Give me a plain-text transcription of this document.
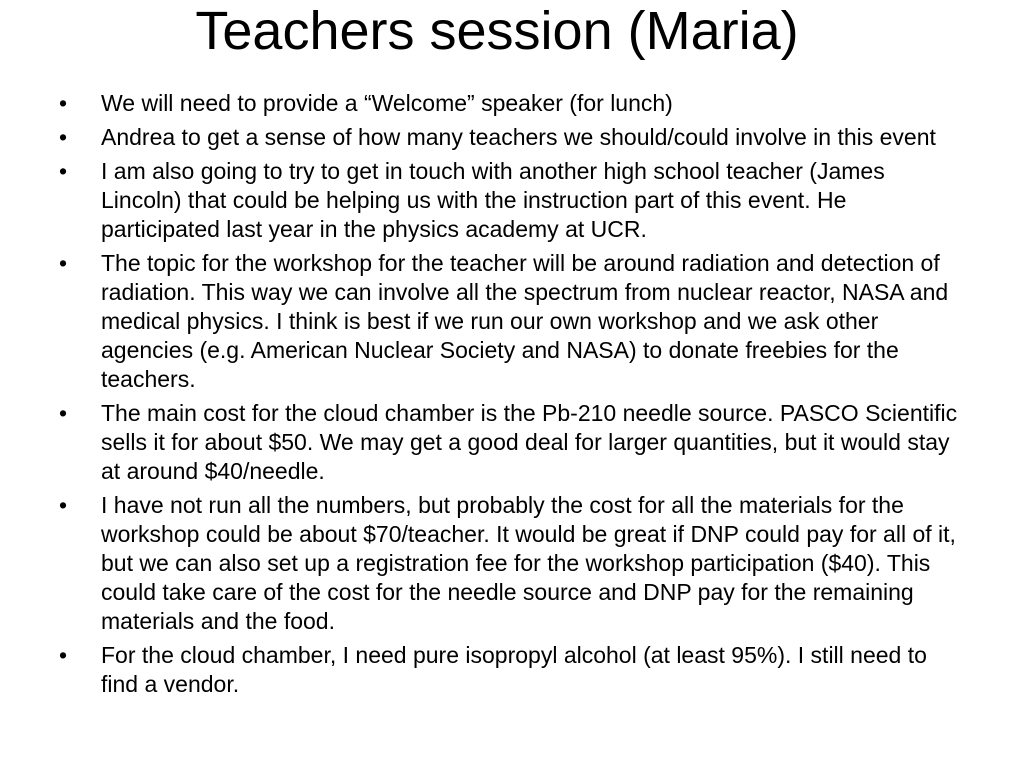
Teachers session (Maria)
•	We will need to provide a “Welcome” speaker (for lunch)
•	Andrea to get a sense of how many teachers we should/could involve in this event
•	I am also going to try to get in touch with another high school teacher (James Lincoln) that could be helping us with the instruction part of this event. He participated last year in the physics academy at UCR.
•	The topic for the workshop for the teacher will be around radiation and detection of radiation. This way we can involve all the spectrum from nuclear reactor, NASA and medical physics. I think is best if we run our own workshop and we ask other agencies (e.g. American Nuclear Society and NASA) to donate freebies for the teachers.
•	The main cost for the cloud chamber is the Pb-210 needle source. PASCO Scientific sells it for about $50. We may get a good deal for larger quantities, but it would stay at around $40/needle.
•	I have not run all the numbers, but probably the cost for all the materials for the workshop could be about $70/teacher. It would be great if DNP could pay for all of it, but we can also set up a registration fee for the workshop participation ($40). This could take care of the cost for the needle source and DNP pay for the remaining materials and the food.
•	For the cloud chamber, I need pure isopropyl alcohol (at least 95%). I still need to find a vendor.
